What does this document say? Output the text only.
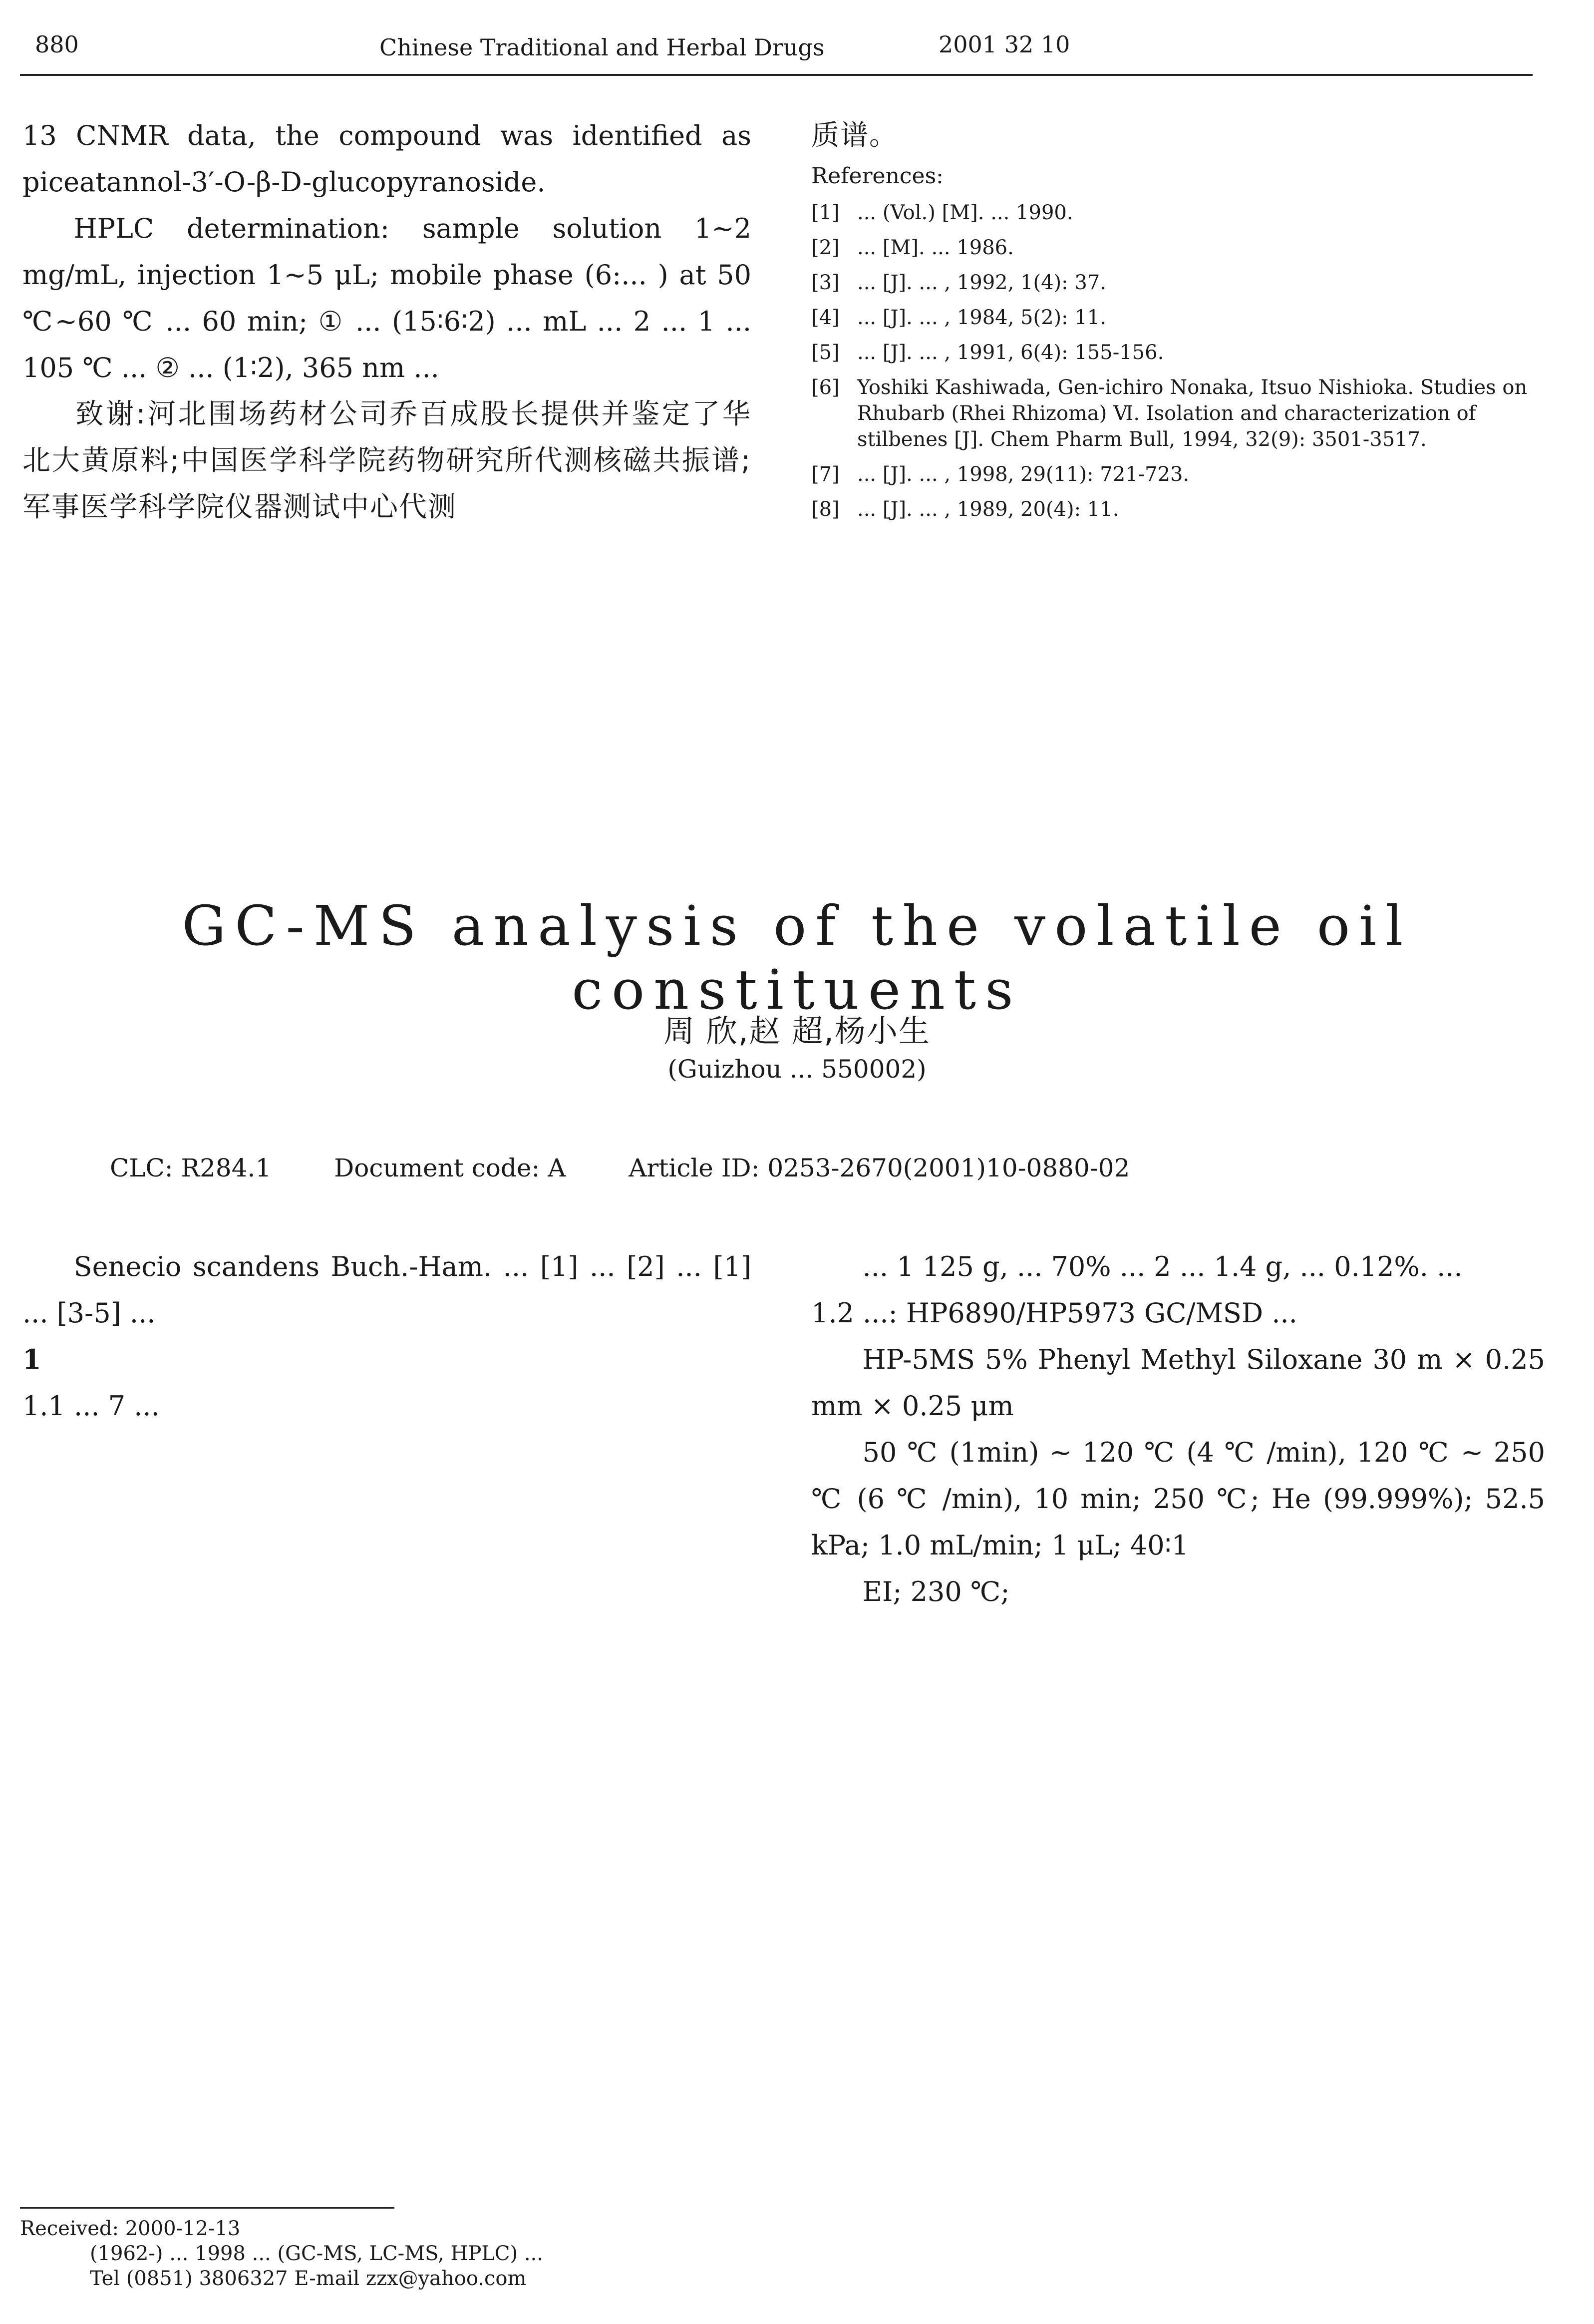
880	Chinese Traditional and Herbal Drugs	2001 32 10

13 CNMR data, the compound was identified as piceatannol-3′-O-β-D-glucopyranoside.

HPLC determination: sample solution 1~2 mg/mL, injection 1~5 μL; mobile phase (6:... ) at 50 ℃~60 ℃ ... 60 min; ① ... (15∶6∶2) ... mL ... 2 ... 1 ... 105 ℃ ... ② ... (1∶2), 365 nm ...

致谢:河北围场药材公司乔百成股长提供并鉴定了华北大黄原料;中国医学科学院药物研究所代测核磁共振谱;军事医学科学院仪器测试中心代测

质谱。

References:

[1] ... (Vol.) [M]. ... 1990.
[2] ... [M]. ... 1986.
[3] ... [J]. ... , 1992, 1(4): 37.
[4] ... [J]. ... , 1984, 5(2): 11.
[5] ... [J]. ... , 1991, 6(4): 155-156.
[6] Yoshiki Kashiwada, Gen-ichiro Nonaka, Itsuo Nishioka. Studies on Rhubarb (Rhei Rhizoma) Ⅵ. Isolation and characterization of stilbenes [J]. Chem Pharm Bull, 1994, 32(9): 3501-3517.
[7] ... [J]. ... , 1998, 29(11): 721-723.
[8] ... [J]. ... , 1989, 20(4): 11.
GC-MS analysis of the volatile oil constituents
周 欣,赵 超,杨小生
(Guizhou ... 550002)
CLC: R284.1	Document code: A	Article ID: 0253-2670(2001)10-0880-02

Senecio scandens Buch.-Ham. ... [1] ... [2] ... [1] ... [3-5] ...

1

1.1 ... 7 ...

... 1 125 g, ... 70% ... 2 ... 1.4 g, ... 0.12%. ...

1.2 ...: HP6890/HP5973 GC/MSD ...

HP-5MS 5% Phenyl Methyl Siloxane 30 m × 0.25 mm × 0.25 μm

50 ℃ (1min) ~ 120 ℃ (4 ℃ /min), 120 ℃ ~ 250 ℃ (6 ℃ /min), 10 min; 250 ℃; He (99.999%); 52.5 kPa; 1.0 mL/min; 1 μL; 40∶1

EI; 230 ℃;

Received: 2000-12-13
(1962-) ... 1998 ... (GC-MS, LC-MS, HPLC) ...
Tel (0851) 3806327 E-mail zzx@yahoo.com
